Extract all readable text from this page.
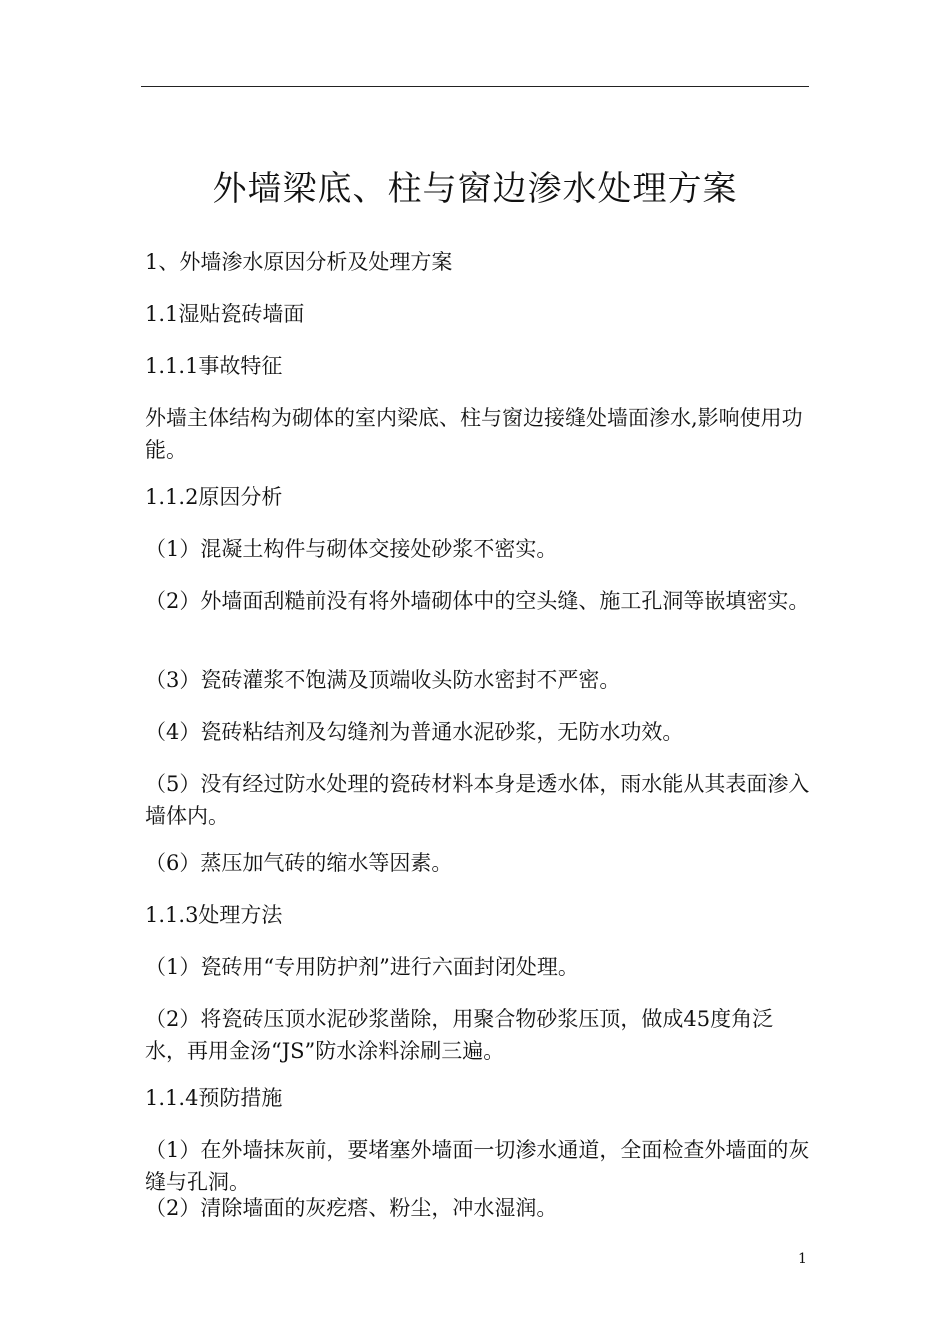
外墙梁底、柱与窗边渗水处理方案
1、外墙渗水原因分析及处理方案
1.1湿贴瓷砖墙面
1.1.1事故特征
外墙主体结构为砌体的室内梁底、柱与窗边接缝处墙面渗水,影响使用功能。
1.1.2原因分析
（1）混凝土构件与砌体交接处砂浆不密实。
（2）外墙面刮糙前没有将外墙砌体中的空头缝、施工孔洞等嵌填密实。
（3）瓷砖灌浆不饱满及顶端收头防水密封不严密。
（4）瓷砖粘结剂及勾缝剂为普通水泥砂浆，无防水功效。
（5）没有经过防水处理的瓷砖材料本身是透水体，雨水能从其表面渗入墙体内。
（6）蒸压加气砖的缩水等因素。
1.1.3处理方法
（1）瓷砖用“专用防护剂”进行六面封闭处理。
（2）将瓷砖压顶水泥砂浆凿除，用聚合物砂浆压顶，做成45度角泛水，再用金汤“JS”防水涂料涂刷三遍。
1.1.4预防措施
（1）在外墙抹灰前，要堵塞外墙面一切渗水通道，全面检查外墙面的灰缝与孔洞。
（2）清除墙面的灰疙瘩、粉尘，冲水湿润。
1
